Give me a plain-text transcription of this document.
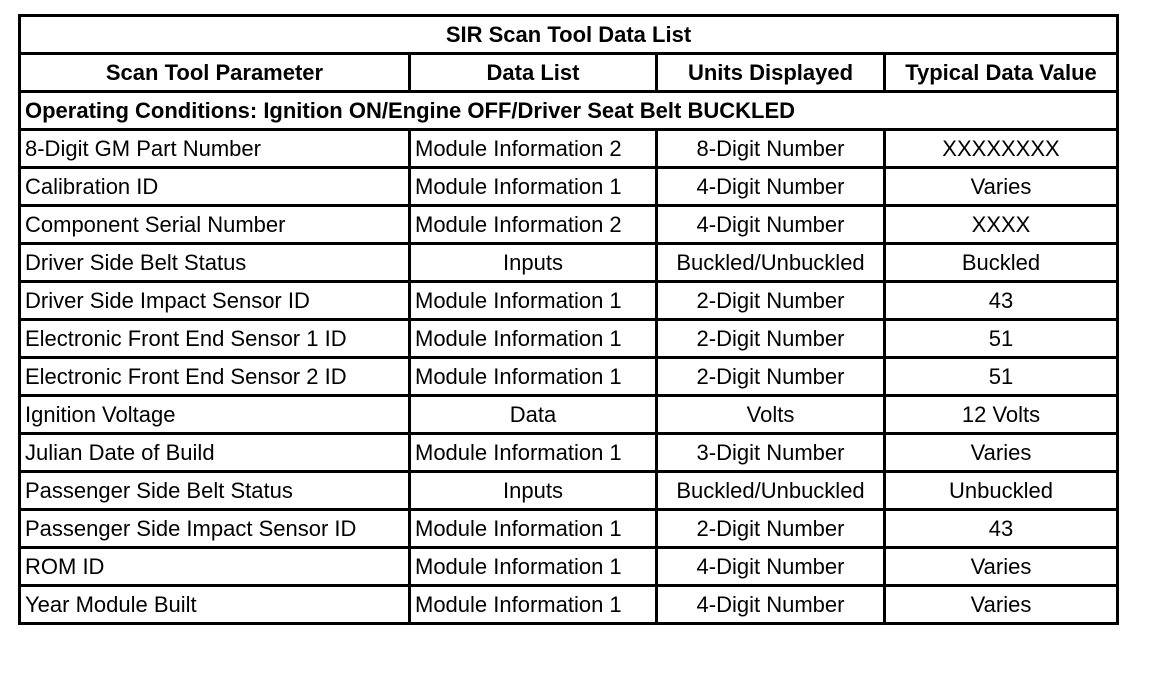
SIR Scan Tool Data List			
Scan Tool Parameter	Data List	Units Displayed	Typical Data Value
Operating Conditions: Ignition ON/Engine OFF/Driver Seat Belt BUCKLED			
8-Digit GM Part Number	Module Information 2	8-Digit Number	XXXXXXXX
Calibration ID	Module Information 1	4-Digit Number	Varies
Component Serial Number	Module Information 2	4-Digit Number	XXXX
Driver Side Belt Status	Inputs	Buckled/Unbuckled	Buckled
Driver Side Impact Sensor ID	Module Information 1	2-Digit Number	43
Electronic Front End Sensor 1 ID	Module Information 1	2-Digit Number	51
Electronic Front End Sensor 2 ID	Module Information 1	2-Digit Number	51
Ignition Voltage	Data	Volts	12 Volts
Julian Date of Build	Module Information 1	3-Digit Number	Varies
Passenger Side Belt Status	Inputs	Buckled/Unbuckled	Unbuckled
Passenger Side Impact Sensor ID	Module Information 1	2-Digit Number	43
ROM ID	Module Information 1	4-Digit Number	Varies
Year Module Built	Module Information 1	4-Digit Number	Varies
